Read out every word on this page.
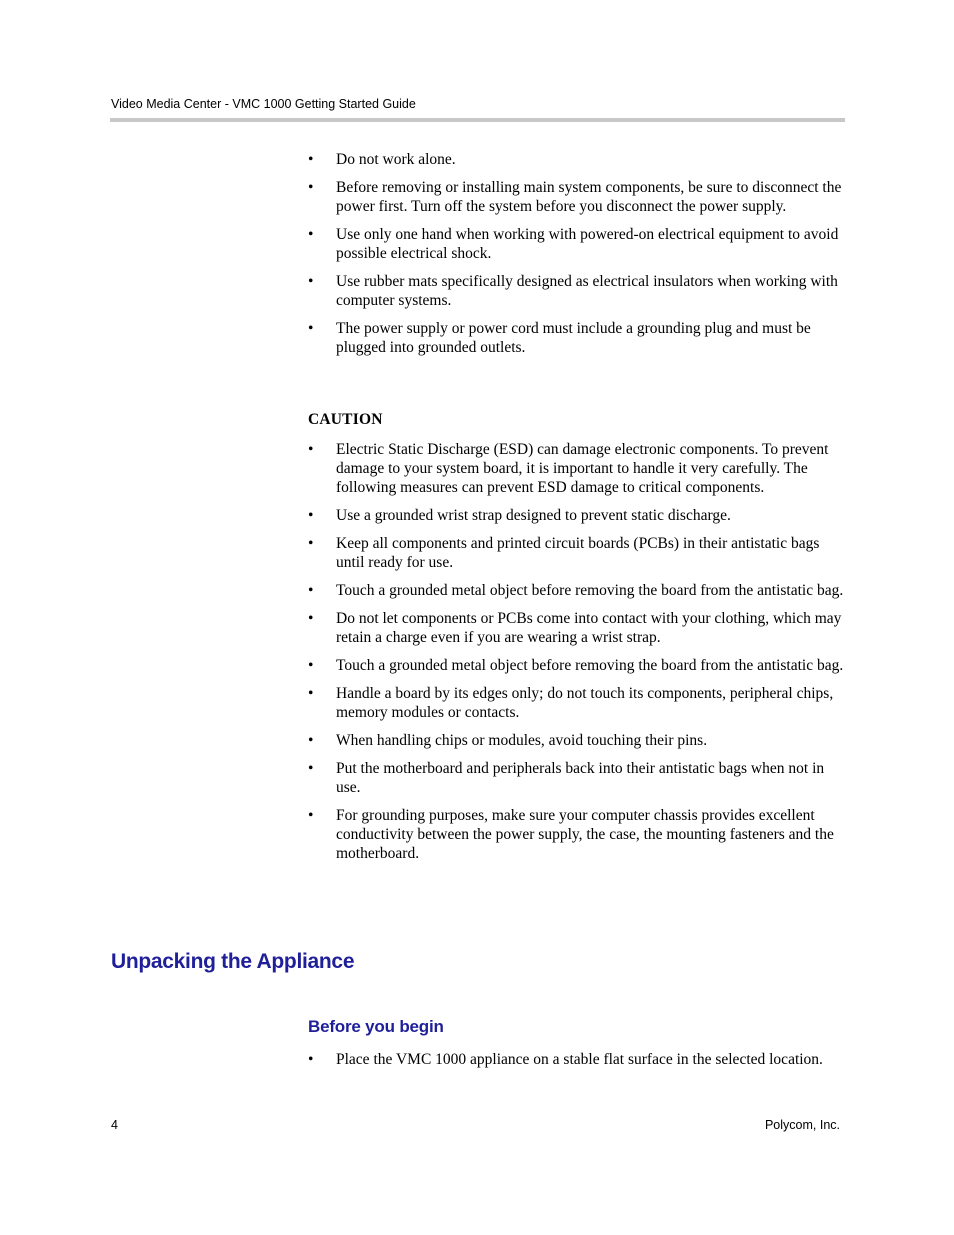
Video Media Center - VMC 1000 Getting Started Guide
• Do not work alone.
• Before removing or installing main system components, be sure to disconnect the power first. Turn off the system before you disconnect the power supply.
• Use only one hand when working with powered-on electrical equipment to avoid possible electrical shock.
• Use rubber mats specifically designed as electrical insulators when working with computer systems.
• The power supply or power cord must include a grounding plug and must be plugged into grounded outlets.
CAUTION
• Electric Static Discharge (ESD) can damage electronic components. To prevent damage to your system board, it is important to handle it very carefully. The following measures can prevent ESD damage to critical components.
• Use a grounded wrist strap designed to prevent static discharge.
• Keep all components and printed circuit boards (PCBs) in their antistatic bags until ready for use.
• Touch a grounded metal object before removing the board from the antistatic bag.
• Do not let components or PCBs come into contact with your clothing, which may retain a charge even if you are wearing a wrist strap.
• Touch a grounded metal object before removing the board from the antistatic bag.
• Handle a board by its edges only; do not touch its components, peripheral chips, memory modules or contacts.
• When handling chips or modules, avoid touching their pins.
• Put the motherboard and peripherals back into their antistatic bags when not in use.
• For grounding purposes, make sure your computer chassis provides excellent conductivity between the power supply, the case, the mounting fasteners and the motherboard.
Unpacking the Appliance
Before you begin
• Place the VMC 1000 appliance on a stable flat surface in the selected location.
4	Polycom, Inc.
